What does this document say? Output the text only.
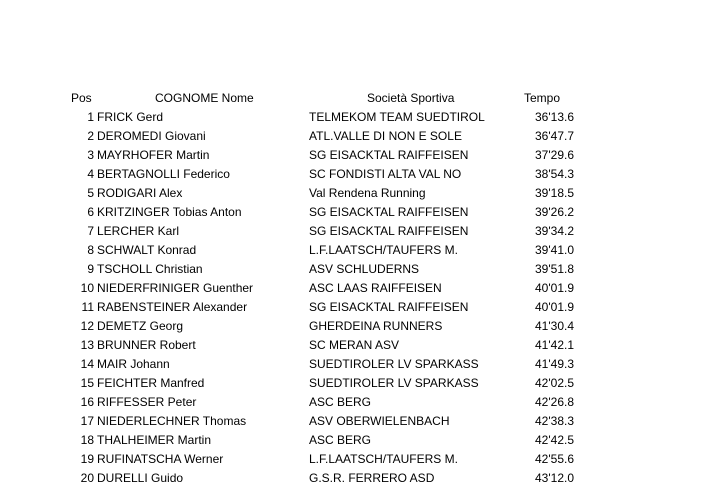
Pos	COGNOME Nome	Società Sportiva	Tempo
1 FRICK Gerd	TELMEKOM TEAM SUEDTIROL	36'13.6
2 DEROMEDI Giovani	ATL.VALLE DI NON E SOLE	36'47.7
3 MAYRHOFER Martin	SG EISACKTAL RAIFFEISEN	37'29.6
4 BERTAGNOLLI Federico	SC FONDISTI ALTA VAL NO	38'54.3
5 RODIGARI Alex	Val Rendena Running	39'18.5
6 KRITZINGER Tobias Anton	SG EISACKTAL RAIFFEISEN	39'26.2
7 LERCHER Karl	SG EISACKTAL RAIFFEISEN	39'34.2
8 SCHWALT Konrad	L.F.LAATSCH/TAUFERS M.	39'41.0
9 TSCHOLL Christian	ASV SCHLUDERNS	39'51.8
10 NIEDERFRINIGER Guenther	ASC LAAS RAIFFEISEN	40'01.9
11 RABENSTEINER Alexander	SG EISACKTAL RAIFFEISEN	40'01.9
12 DEMETZ Georg	GHERDEINA RUNNERS	41'30.4
13 BRUNNER Robert	SC MERAN ASV	41'42.1
14 MAIR Johann	SUEDTIROLER LV SPARKASS	41'49.3
15 FEICHTER Manfred	SUEDTIROLER LV SPARKASS	42'02.5
16 RIFFESSER Peter	ASC BERG	42'26.8
17 NIEDERLECHNER Thomas	ASV OBERWIELENBACH	42'38.3
18 THALHEIMER Martin	ASC BERG	42'42.5
19 RUFINATSCHA Werner	L.F.LAATSCH/TAUFERS M.	42'55.6
20 DURELLI Guido	G.S.R. FERRERO ASD	43'12.0
